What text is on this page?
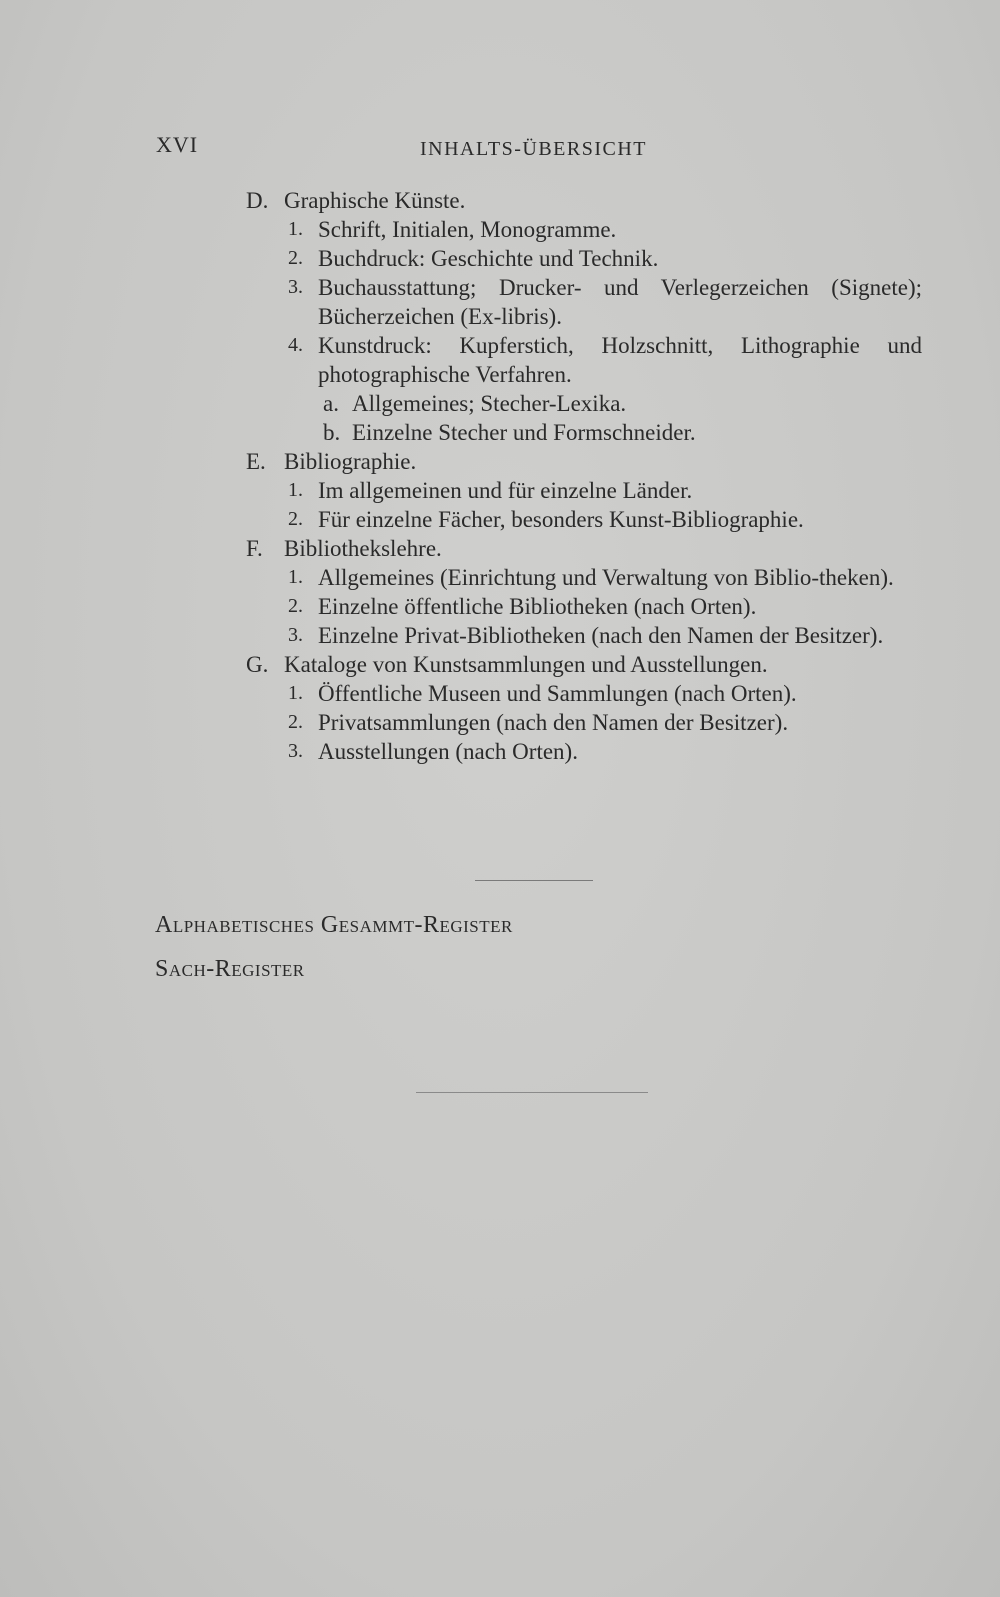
XVI	INHALTS-ÜBERSICHT
D. Graphische Künste.
1. Schrift, Initialen, Monogramme.
2. Buchdruck: Geschichte und Technik.
3. Buchausstattung; Drucker- und Verlegerzeichen (Signete); Bücherzeichen (Ex-libris).
4. Kunstdruck: Kupferstich, Holzschnitt, Lithographie und photographische Verfahren.
a. Allgemeines; Stecher-Lexika.
b. Einzelne Stecher und Formschneider.
E. Bibliographie.
1. Im allgemeinen und für einzelne Länder.
2. Für einzelne Fächer, besonders Kunst-Bibliographie.
F. Bibliothekslehre.
1. Allgemeines (Einrichtung und Verwaltung von Biblio-theken).
2. Einzelne öffentliche Bibliotheken (nach Orten).
3. Einzelne Privat-Bibliotheken (nach den Namen der Besitzer).
G. Kataloge von Kunstsammlungen und Ausstellungen.
1. Öffentliche Museen und Sammlungen (nach Orten).
2. Privatsammlungen (nach den Namen der Besitzer).
3. Ausstellungen (nach Orten).
Alphabetisches Gesammt-Register
Sach-Register
